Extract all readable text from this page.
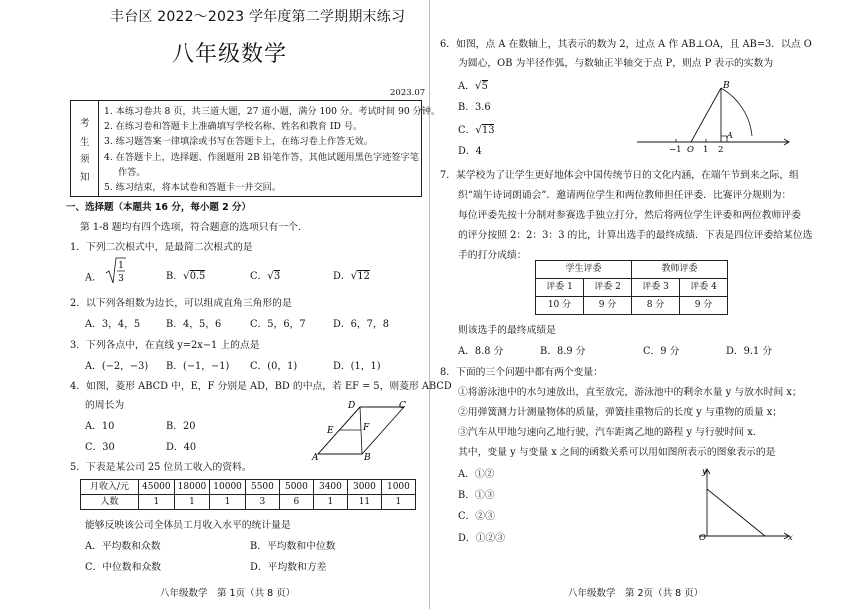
丰台区 2022～2023 学年度第二学期期末练习
八年级数学
2023.07
考
生
须
知
1. 本练习卷共 8 页，共三道大题，27 道小题，满分 100 分。考试时间 90 分钟。
2. 在练习卷和答题卡上准确填写学校名称、姓名和教育 ID 号。
3. 练习题答案一律填涂或书写在答题卡上，在练习卷上作答无效。
4. 在答题卡上，选择题、作图题用 2B 铅笔作答，其他试题用黑色字迹签字笔
作答。
5. 练习结束，将本试卷和答题卡一并交回。
一、选择题（本题共 16 分，每小题 2 分）
第 1-8 题均有四个选项，符合题意的选项只有一个.
1．下列二次根式中，是最简二次根式的是
A．
1
3	B．√0.5	C．√3	D．√12
2．以下列各组数为边长，可以组成直角三角形的是
A．3，4，5	B．4，5，6	C．5，6，7	D．6，7，8
3．下列各点中，在直线 y=2x−1 上的点是
A．(−2，−3) B．(−1，−1) C．(0，1)	D．(1，1)
4．如图，菱形 ABCD 中，E，F 分别是 AD，BD 的中点，若 EF = 5，则菱形 ABCD
的周长为
A．10	B．20
C．30	D．40
D	C
E	F
A	B
5．下表是某公司 25 位员工收入的资料。
月收入/元	45000	18000	10000	5500	5000	3400	3000	1000
人数	1	1	1	3	6	1	11	1
能够反映该公司全体员工月收入水平的统计量是
A．平均数和众数	B．平均数和中位数
C．中位数和众数	D．平均数和方差
八年级数学　第 1页（共 8 页）
6．如图，点 A 在数轴上，其表示的数为 2，过点 A 作 AB⊥OA，且 AB=3．以点 O
为圆心，OB 为半径作弧，与数轴正半轴交于点 P，则点 P 表示的实数为
A．√5
B．3.6
C．√13
D．4
B
−1 O 1 2
A
7．某学校为了让学生更好地体会中国传统节日的文化内涵，在端午节到来之际，组
织“端午诗词朗诵会”．邀请两位学生和两位教师担任评委．比赛评分规则为：
每位评委先按十分制对参赛选手独立打分，然后将两位学生评委和两位教师评委
的评分按照 2：2：3：3 的比，计算出选手的最终成绩．下表是四位评委给某位选
手的打分成绩：
则该选手的最终成绩是
A．8.8 分	B．8.9 分	C．9 分	D．9.1 分
8．下面的三个问题中都有两个变量：
①将游泳池中的水匀速放出，直至放完，游泳池中的剩余水量 y 与放水时间 x；
②用弹簧测力计测量物体的质量，弹簧挂重物后的长度 y 与重物的质量 x；
③汽车从甲地匀速向乙地行驶，汽车距离乙地的路程 y 与行驶时间 x.
其中，变量 y 与变量 x 之间的函数关系可以用如图所表示的图象表示的是
A．①②
B．①③
C．②③
D．①②③
y
O	x
八年级数学　第 2页（共 8 页）
学生评委		教师评委	
评委 1	评委 2	评委 3	评委 4
10 分	9 分	8 分	9 分
